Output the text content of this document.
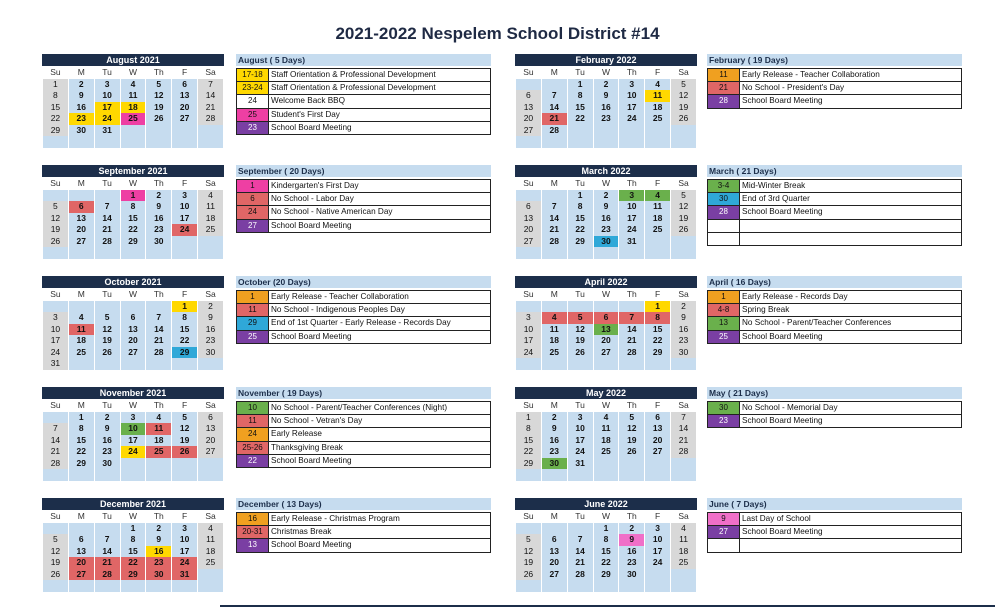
2021-2022 Nespelem School District #14
August 2021
Su	M	Tu	W	Th	F	Sa
1	2	3	4	5	6	7
8	9	10	11	12	13	14
15	16	17	18	19	20	21
22	23	24	25	26	27	28
29	30	31				

September 2021
Su	M	Tu	W	Th	F	Sa
			1	2	3	4
5	6	7	8	9	10	11
12	13	14	15	16	17	18
19	20	21	22	23	24	25
26	27	28	29	30		

October 2021
Su	M	Tu	W	Th	F	Sa
					1	2
3	4	5	6	7	8	9
10	11	12	13	14	15	16
17	18	19	20	21	22	23
24	25	26	27	28	29	30
31						
November 2021
Su	M	Tu	W	Th	F	Sa
	1	2	3	4	5	6
7	8	9	10	11	12	13
14	15	16	17	18	19	20
21	22	23	24	25	26	27
28	29	30				

December 2021
Su	M	Tu	W	Th	F	Sa
			1	2	3	4
5	6	7	8	9	10	11
12	13	14	15	16	17	18
19	20	21	22	23	24	25
26	27	28	29	30	31	

February 2022
Su	M	Tu	W	Th	F	Sa
		1	2	3	4	5
6	7	8	9	10	11	12
13	14	15	16	17	18	19
20	21	22	23	24	25	26
27	28					

March 2022
Su	M	Tu	W	Th	F	Sa
		1	2	3	4	5
6	7	8	9	10	11	12
13	14	15	16	17	18	19
20	21	22	23	24	25	26
27	28	29	30	31		

April 2022
Su	M	Tu	W	Th	F	Sa
					1	2
3	4	5	6	7	8	9
10	11	12	13	14	15	16
17	18	19	20	21	22	23
24	25	26	27	28	29	30

May 2022
Su	M	Tu	W	Th	F	Sa
1	2	3	4	5	6	7
8	9	10	11	12	13	14
15	16	17	18	19	20	21
22	23	24	25	26	27	28
29	30	31				

June 2022
Su	M	Tu	W	Th	F	Sa
			1	2	3	4
5	6	7	8	9	10	11
12	13	14	15	16	17	18
19	20	21	22	23	24	25
26	27	28	29	30		

August ( 5 Days)
17-18	Staff Orientation & Professional Development
23-24	Staff Orientation & Professional Development
24	Welcome Back BBQ
25	Student's First Day
23	School Board Meeting
September ( 20 Days)
1	Kindergarten's First Day
6	No School - Labor Day
24	No School - Native American Day
27	School Board Meeting
October (20 Days)
1	Early Release - Teacher Collaboration
11	No School - Indigenous Peoples Day
29	End of 1st Quarter - Early Release - Records Day
25	School Board Meeting
November ( 19 Days)
10	No School - Parent/Teacher Conferences (Night)
11	No School - Vetran's Day
24	Early Release
25-26	Thanksgiving Break
22	School Board Meeting
December ( 13 Days)
16	Early Release - Christmas Program
20-31	Christmas Break
13	School Board Meeting
February ( 19 Days)
11	Early Release - Teacher Collaboration
21	No School - President's Day
28	School Board Meeting
March ( 21 Days)
3-4	Mid-Winter Break
30	End of 3rd Quarter
28	School Board Meeting
April ( 16 Days)
1	Early Release - Records Day
4-8	Spring Break
13	No School - Parent/Teacher Conferences
25	School Board Meeting
May ( 21 Days)
30	No School - Memorial Day
23	School Board Meeting
June ( 7 Days)
9	Last Day of School
27	School Board Meeting
